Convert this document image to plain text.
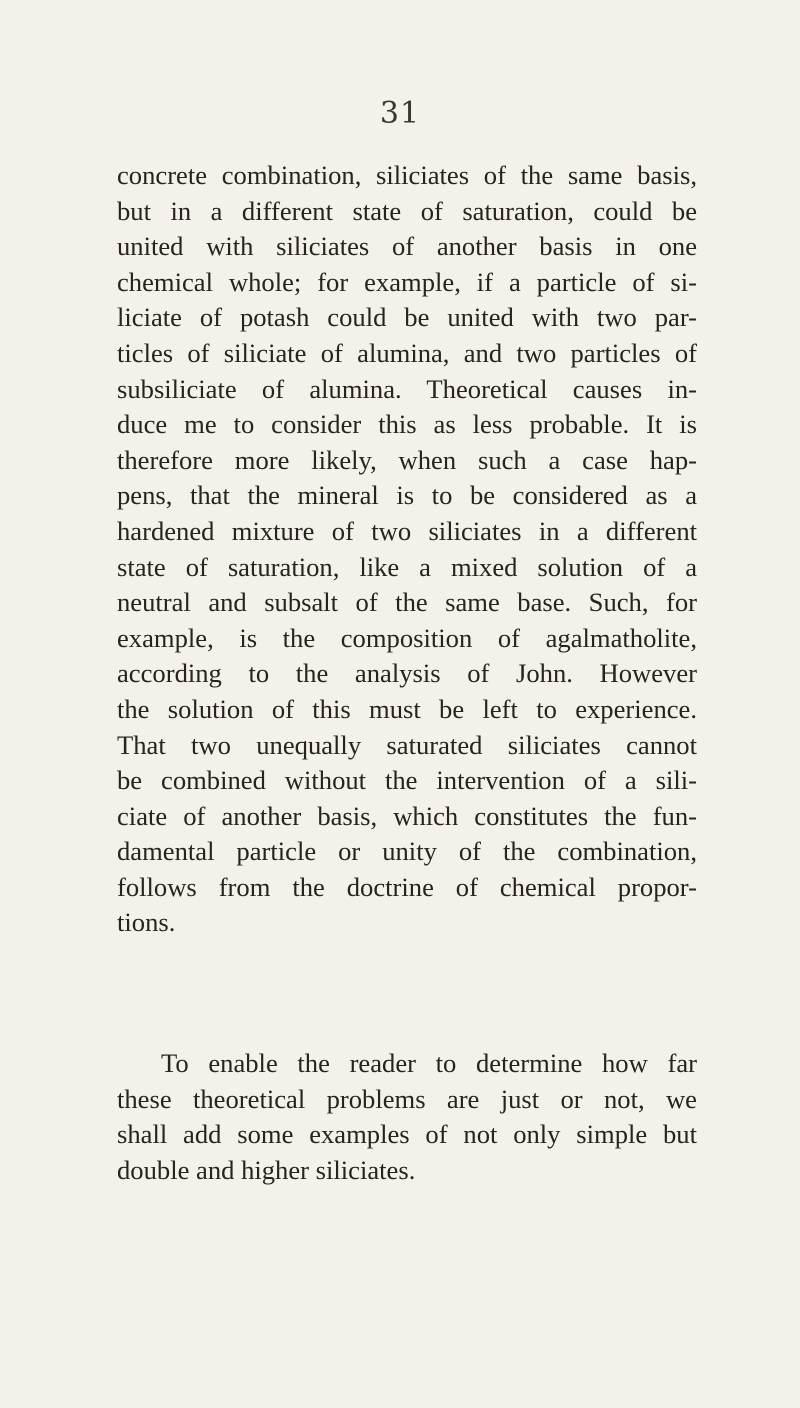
31
concrete combination, siliciates of the same basis,
but in a different state of saturation, could be
united with siliciates of another basis in one
chemical whole; for example, if a particle of si-
liciate of potash could be united with two par-
ticles of siliciate of alumina, and two particles of
subsiliciate of alumina. Theoretical causes in-
duce me to consider this as less probable. It is
therefore more likely, when such a case hap-
pens, that the mineral is to be considered as a
hardened mixture of two siliciates in a different
state of saturation, like a mixed solution of a
neutral and subsalt of the same base. Such, for
example, is the composition of agalmatholite,
according to the analysis of John. However
the solution of this must be left to experience.
That two unequally saturated siliciates cannot
be combined without the intervention of a sili-
ciate of another basis, which constitutes the fun-
damental particle or unity of the combination,
follows from the doctrine of chemical propor-
tions.
To enable the reader to determine how far
these theoretical problems are just or not, we
shall add some examples of not only simple but
double and higher siliciates.
